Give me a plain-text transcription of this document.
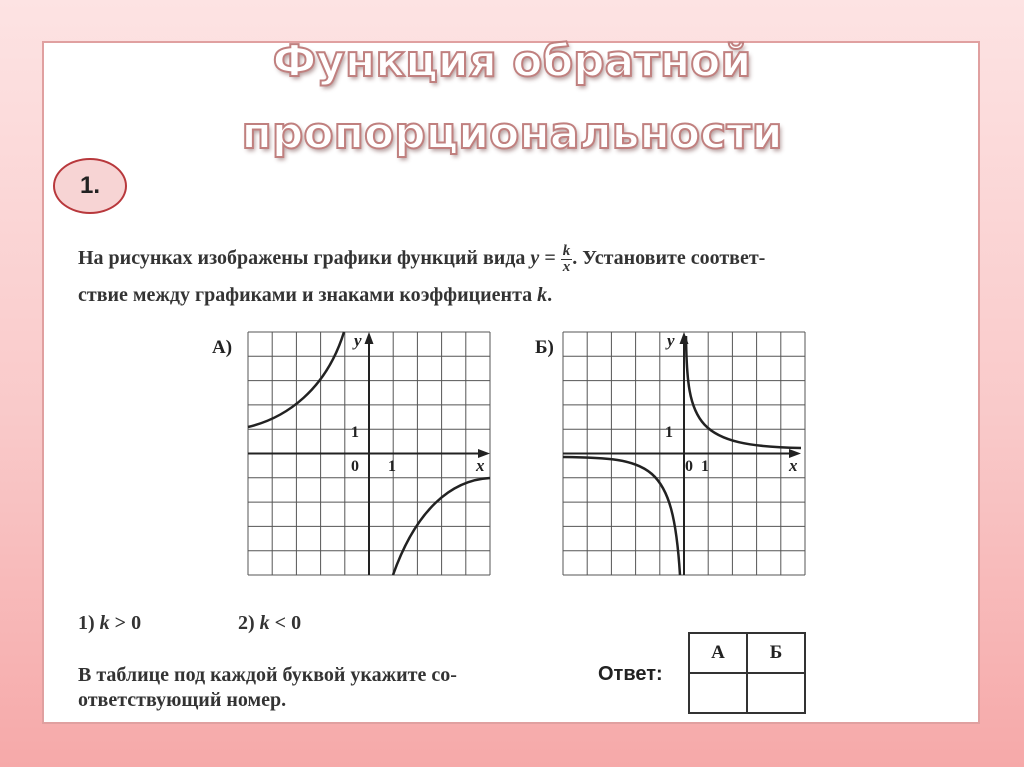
Функция обратной
пропорциональности
1.
На рисунках изображены графики функций вида $y = \frac{k}{x}$ . Установите соответ-
ствие между графиками и знаками коэффициента k.
А)	y
x
0 1
1
Б)	y
x
0 1
1
1) k > 0	2) k < 0
В таблице под каждой буквой укажите со-
ответствующий номер.
Ответ:
А	Б
